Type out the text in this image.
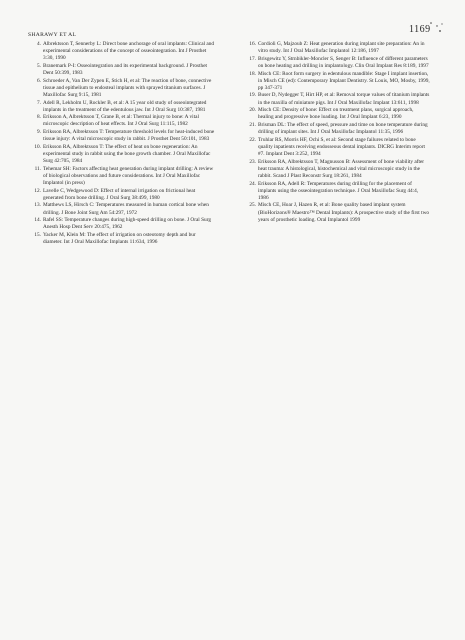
SHARAWY ET AL	1169
4. Albrektsson T, Sennerby L: Direct bone anchorage of oral implants: Clinical and experimental considerations of the concept of osseointegration. Int J Prosthet 3:30, 1990
5. Branemark P-I: Osseointegration and its experimental background. J Prosthet Dent 50:399, 1983
6. Schroeder A, Van Der Zypen E, Stich H, et al: The reaction of bone, connective tissue and epithelium to endosteal implants with sprayed titanium surfaces. J Maxillofac Surg 9:15, 1981
7. Adell R, Lekholm U, Rockler B, et al: A 15 year old study of osseointegrated implants in the treatment of the edentulous jaw. Int J Oral Surg 10:387, 1981
8. Eriksson A, Albrektsson T, Grane B, et al: Thermal injury to bone: A vital microscopic description of heat effects. Int J Oral Surg 11:115, 1982
9. Eriksson RA, Albrektsson T: Temperature threshold levels for heat-induced bone tissue injury: A vital microscopic study in rabbit. J Prosthet Dent 50:101, 1983
10. Eriksson RA, Albrektsson T: The effect of heat on bone regeneration: An experimental study in rabbit using the bone growth chamber. J Oral Maxillofac Surg 42:705, 1984
11. Tehemar SH: Factors affecting heat generation during implant drilling: A review of biological observations and future considerations. Int J Oral Maxillofac Implantol (in press)
12. Lavelle C, Wedgewood D: Effect of internal irrigation on frictional heat generated from bone drilling. J Oral Surg 38:499, 1980
13. Matthews LS, Hirsch C: Temperatures measured in human cortical bone when drilling. J Bone Joint Surg Am 54:297, 1972
14. Rafel SS: Temperature changes during high-speed drilling on bone. J Oral Surg Anesth Hosp Dent Serv 20:475, 1962
15. Yacker M, Klein M: The effect of irrigation on osteotomy depth and bur diameter. Int J Oral Maxillofac Implants 11:634, 1996
16. Cordioli G, Majzoub Z: Heat generation during implant site preparation: An in vitro study. Int J Oral Maxillofac Implantol 12:186, 1997
17. Brisgewitz Y, Strnbikler-Moncler S, Senger B: Influence of different parameters on bone heating and drilling in implantology. Clin Oral Implant Res 8:189, 1997
18. Misch CE: Root form surgery in edentulous mandible: Stage I implant insertion, in Misch CE (ed): Contemporary Implant Dentistry. St Louis, MO, Mosby, 1999, pp 347-371
19. Buser D, Nydegger T, Hirt HP, et al: Removal torque values of titanium implants in the maxilla of miniature pigs. Int J Oral Maxillofac Implant 13:611, 1998
20. Misch CE: Density of bone: Effect on treatment plans, surgical approach, healing and progressive bone loading. Int J Oral Implant 6:23, 1990
21. Brisman DL: The effect of speed, pressure and time on bone temperature during drilling of implant sites. Int J Oral Maxillofac Implantol 11:35, 1996
22. Truhlar RS, Morris HF, Ochi S, et al: Second stage failures related to bone quality inpatients receiving endosseous dental implants. DICRG Interim report #7. Implant Dent 3:252, 1994
23. Eriksson RA, Albrektsson T, Magnusson B: Assessment of bone viability after heat trauma: A histological, histochemical and vital microscopic study in the rabbit. Scand J Plast Reconstr Surg 18:261, 1984
24. Eriksson RA, Adell R: Temperatures during drilling for the placement of implants using the osseointegration technique. J Oral Maxillofac Surg 44:4, 1986
25. Misch CE, Hoar J, Hazen R, et al: Bone quality based implant system (BioHorizons® Maestro™ Dental Implants): A prospective study of the first two years of prosthetic loading. Oral Implantol 1999
